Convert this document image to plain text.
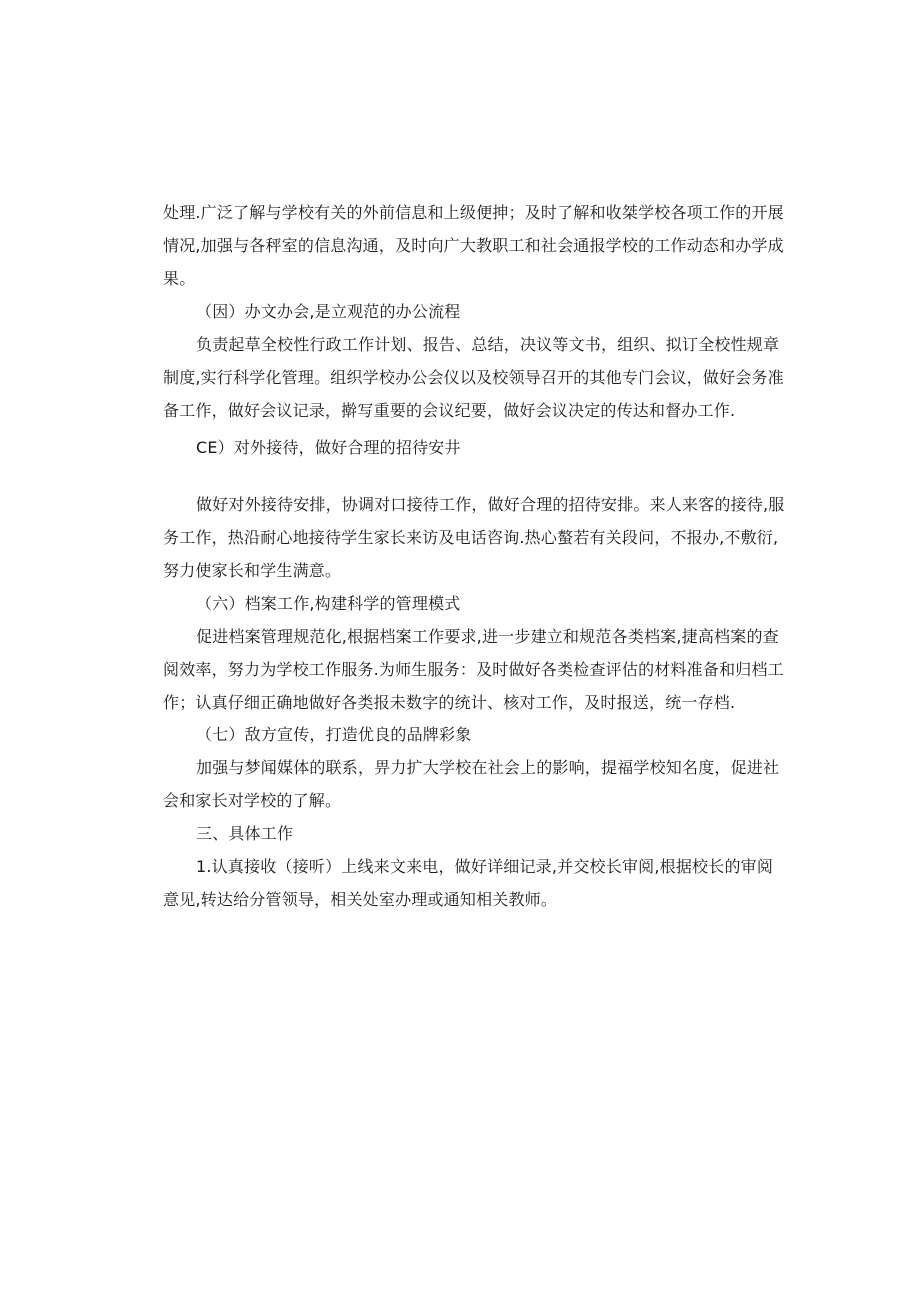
处理.广泛了解与学校有关的外前信息和上级便抻；及时了解和收桀学校各项工作的开展
情况,加强与各秤室的信息沟通，及时向广大教职工和社会通报学校的工作动态和办学成
果。
（因）办文办会,是立观范的办公流程
负责起草全校性行政工作计划、报告、总结，决议等文书，组织、拟订全校性规章
制度,实行科学化管理。组织学校办公会仪以及校领导召开的其他专门会议，做好会务准
备工作，做好会议记录，擀写重要的会议纪要，做好会议决定的传达和督办工作.
CE）对外接待，做好合理的招待安井
做好对外接待安排，协调对口接待工作，做好合理的招待安排。来人来客的接待,服
务工作，热沿耐心地接待学生家长来访及电话咨询.热心螯若有关段问，不报办,不敷衍,
努力使家长和学生满意。
（六）档案工作,构建科学的管理模式
促进档案管理规范化,根据档案工作要求,进一步建立和规范各类档案,捷高档案的查
阅效率，努力为学校工作服务.为师生服务：及时做好各类检查评估的材料准备和归档工
作；认真仔细正确地做好各类报未数字的统计、核对工作，及时报送，统一存档.
（七）敌方宣传，打造优良的品牌彩象
加强与梦闻媒体的联系，畀力扩大学校在社会上的影响，提福学校知名度，促进社
会和家长对学校的了解。
三、具体工作
1.认真接收（接听）上线来文来电，做好详细记录,并交校长审阅,根据校长的审阅
意见,转达给分管领导，相关处室办理或通知相关教师。
